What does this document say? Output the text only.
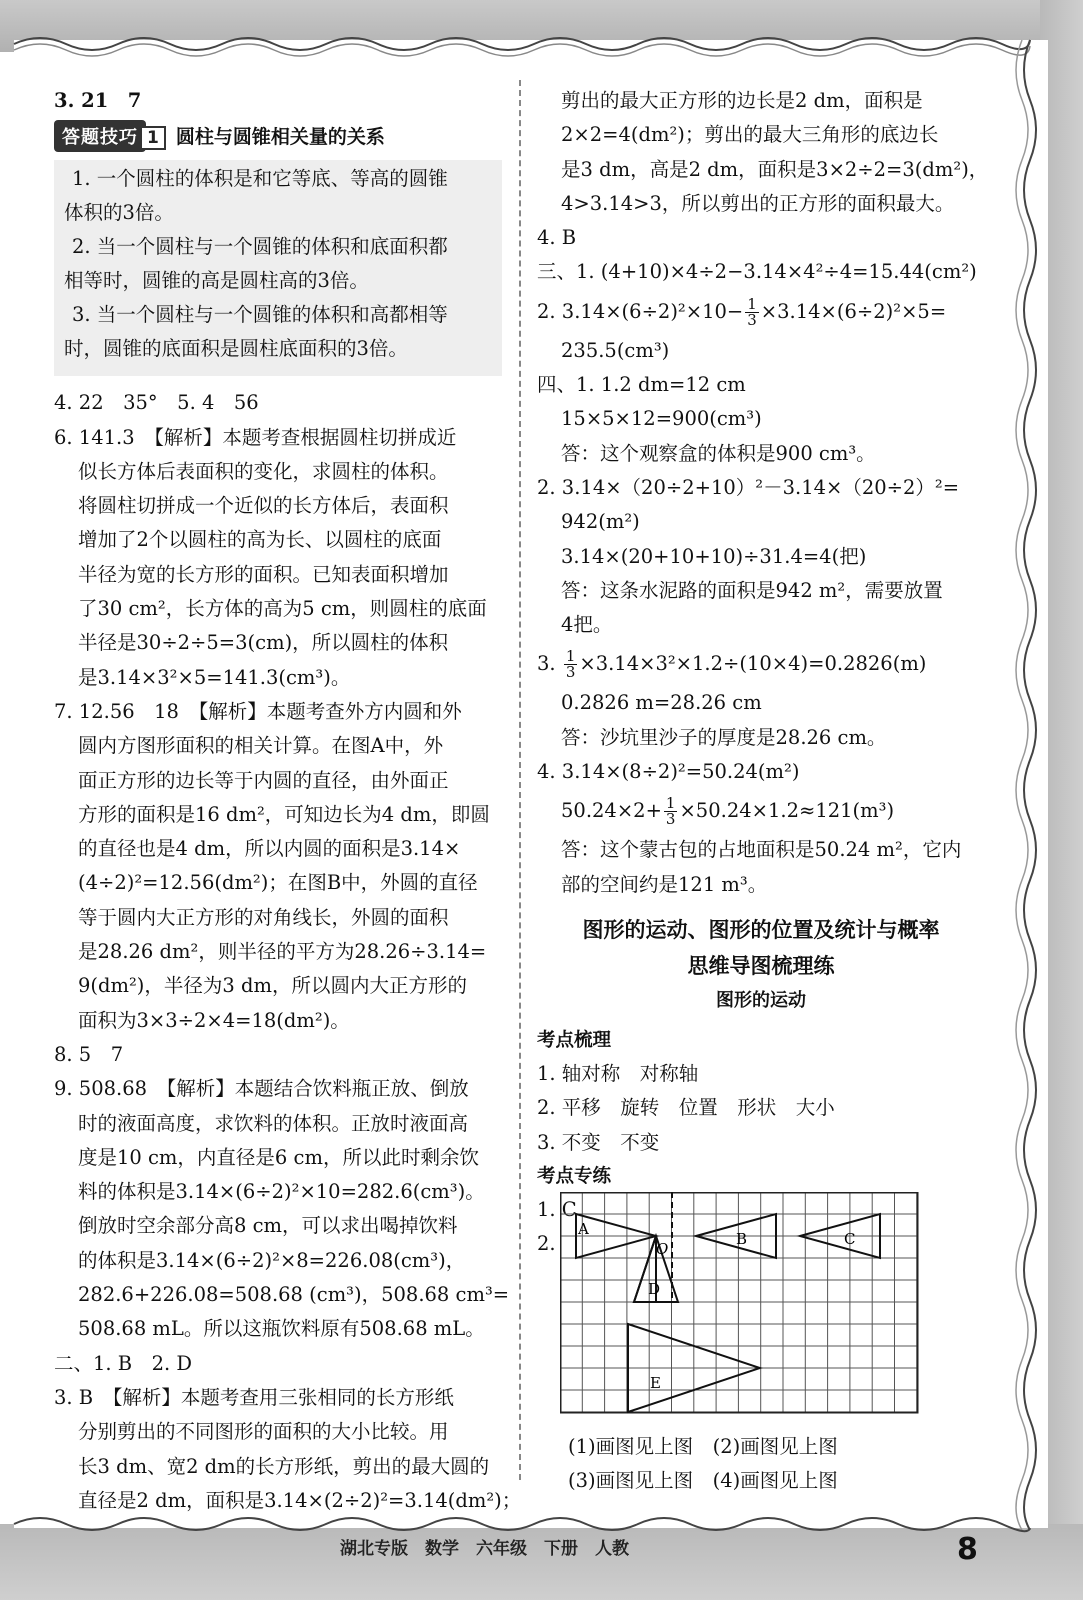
3. 21　7

答题技巧 1 圆柱与圆锥相关量的关系

1. 一个圆柱的体积是和它等底、等高的圆锥

体积的3倍。

2. 当一个圆柱与一个圆锥的体积和底面积都

相等时，圆锥的高是圆柱高的3倍。

3. 当一个圆柱与一个圆锥的体积和高都相等

时，圆锥的底面积是圆柱底面积的3倍。

4. 22　35°　5. 4　56

6. 141.3　【解析】本题考查根据圆柱切拼成近

似长方体后表面积的变化，求圆柱的体积。

将圆柱切拼成一个近似的长方体后，表面积

增加了2个以圆柱的高为长、以圆柱的底面

半径为宽的长方形的面积。已知表面积增加

了30 cm²，长方体的高为5 cm，则圆柱的底面

半径是30÷2÷5=3(cm)，所以圆柱的体积

是3.14×3²×5=141.3(cm³)。

7. 12.56　18　【解析】本题考查外方内圆和外

圆内方图形面积的相关计算。在图A中，外

面正方形的边长等于内圆的直径，由外面正

方形的面积是16 dm²，可知边长为4 dm，即圆

的直径也是4 dm，所以内圆的面积是3.14×

(4÷2)²=12.56(dm²)；在图B中，外圆的直径

等于圆内大正方形的对角线长，外圆的面积

是28.26 dm²，则半径的平方为28.26÷3.14=

9(dm²)，半径为3 dm，所以圆内大正方形的

面积为3×3÷2×4=18(dm²)。

8. 5　7

9. 508.68　【解析】本题结合饮料瓶正放、倒放

时的液面高度，求饮料的体积。正放时液面高

度是10 cm，内直径是6 cm，所以此时剩余饮

料的体积是3.14×(6÷2)²×10=282.6(cm³)。

倒放时空余部分高8 cm，可以求出喝掉饮料

的体积是3.14×(6÷2)²×8=226.08(cm³)，

282.6+226.08=508.68 (cm³)，508.68 cm³=

508.68 mL。所以这瓶饮料原有508.68 mL。

二、1. B　2. D

3. B　【解析】本题考查用三张相同的长方形纸

分别剪出的不同图形的面积的大小比较。用

长3 dm、宽2 dm的长方形纸，剪出的最大圆的

直径是2 dm，面积是3.14×(2÷2)²=3.14(dm²)；

剪出的最大正方形的边长是2 dm，面积是

2×2=4(dm²)；剪出的最大三角形的底边长

是3 dm，高是2 dm，面积是3×2÷2=3(dm²)，

4>3.14>3，所以剪出的正方形的面积最大。

4. B

三、1. (4+10)×4÷2−3.14×4²÷4=15.44(cm²)

2. $3.14\times(6\div 2)^2\times 10- \frac{1}{3} \times 3.14\times(6\div 2)^2\times 5=$

235.5(cm³)

四、1. 1.2 dm=12 cm

15×5×12=900(cm³)

答：这个观察盒的体积是900 cm³。

2. 3.14×（20÷2+10）²－3.14×（20÷2）²=

942(m²)

3.14×(20+10+10)÷31.4=4(把)

答：这条水泥路的面积是942 m²，需要放置

4把。

3. $\frac{1}{3} \times 3.14\times 3^2\times 1.2\div(10\times 4)=0.2826(m)$

0.2826 m=28.26 cm

答：沙坑里沙子的厚度是28.26 cm。

4. 3.14×(8÷2)²=50.24(m²)

$50.24\times 2+ \frac{1}{3} \times 50.24\times 1.2\approx 121(m^3)$

答：这个蒙古包的占地面积是50.24 m²，它内

部的空间约是121 m³。

图形的运动、图形的位置及统计与概率
思维导图梳理练
图形的运动
考点梳理

1. 轴对称　对称轴

2. 平移　旋转　位置　形状　大小

3. 不变　不变

考点专练

1. C

2.

A
O
B	C
D
E

(1)画图见上图　(2)画图见上图

(3)画图见上图　(4)画图见上图

湖北专版　数学　六年级　下册　人教	8
